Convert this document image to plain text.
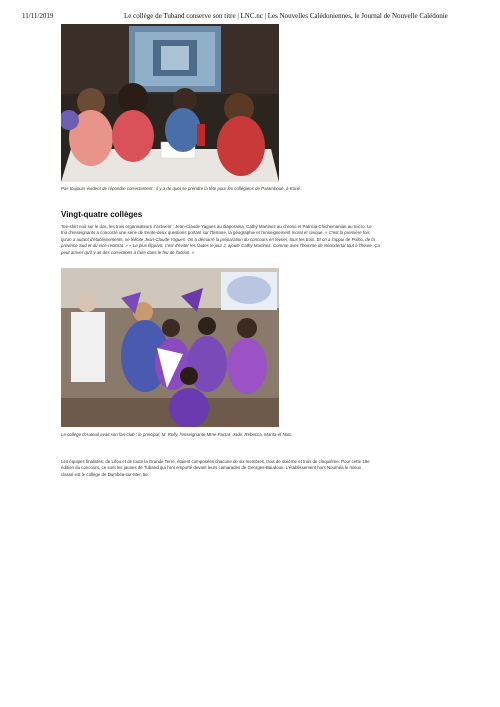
11/11/2019	Le collège de Tuband conserve son titre | LNC.nc | Les Nouvelles Calédoniennes, le Journal de Nouvelle Calédonie
Pas toujours évident de répondre correctement : il y a de quoi se prendre la tête pour les collégiens de Païamboué, à Koné.
Vingt-quatre collèges
Tee-shirt noir sur le dos, les trois organisateurs s'activent : Jean-Claude Yagues au diaporama, Cathy Martinez au chrono et Patricia Chichemanian au micro. Le
trio d'enseignants a concocté une série de trente-deux questions portant sur l'histoire, la géographie et l'enseignement moral et civique. « C'est la première fois
qu'on a autant d'établissements, se félicite Jean-Claude Yagues. On a démarré la préparation du concours en février, tous les trois. Et on a l'appui de Poiho, de la
province Sud et du vice-rectorat. » « Le plus flippant, c'est d'éviter les fautes le jour J, ajoute Cathy Martinez. Comme avec l'homme de Néandertal tout à l'heure. Ça
peut arriver qu'il y ait des corrections à faire dans le feu de l'action. »
Le collège d'Auteuil avait son fan-club : le principal, M. Rolly, l'enseignante Mme Pactat, Jade, Rebecca, Marita et Noïc.
Les équipes finalistes, de Lifou et de toute la Grande Terre, étaient composées chacune de six membres, trois de sixième et trois de cinquième. Pour cette 18e
édition du concours, ce sont les jaunes de Tuband qui l'ont emporté devant leurs camarades de Georges-Baudoux. L'établissement hors Nouméa le mieux
classé est le collège de Dumbéa-sur-Mer, 5e.
